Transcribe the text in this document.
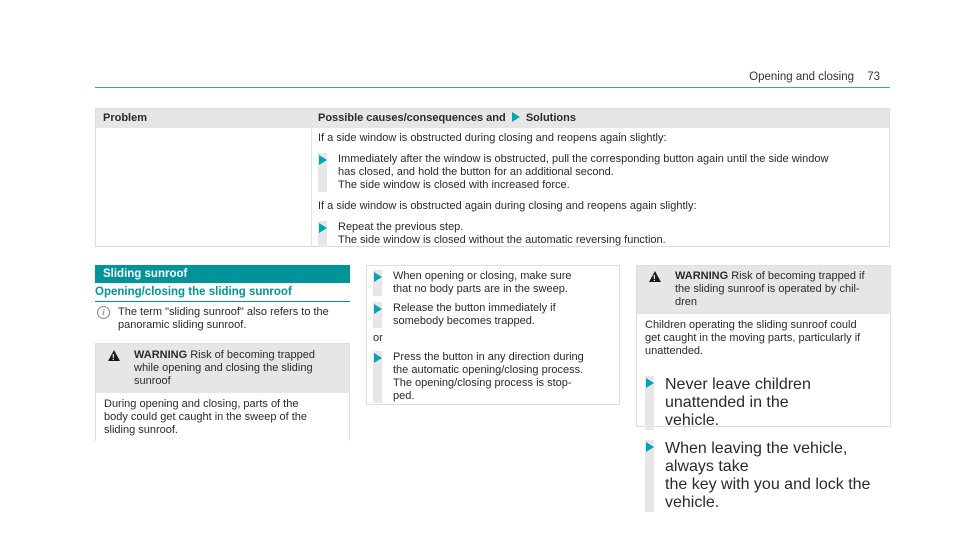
Opening and closing 73
Problem	Possible causes/consequences and Solutions

If a side window is obstructed during closing and reopens again slightly:

Immediately after the window is obstructed, pull the corresponding button again until the side window
has closed, and hold the button for an additional second.
The side window is closed with increased force.

If a side window is obstructed again during closing and reopens again slightly:

Repeat the previous step.
The side window is closed without the automatic reversing function.
Sliding sunroof
Opening/closing the sliding sunroof
i	The term "sliding sunroof" also refers to the
panoramic sliding sunroof.
!
WARNING Risk of becoming trapped
while opening and closing the sliding
sunroof
During opening and closing, parts of the
body could get caught in the sweep of the
sliding sunroof.
When opening or closing, make sure
that no body parts are in the sweep.
Release the button immediately if
somebody becomes trapped.
or
Press the button in any direction during
the automatic opening/closing process.
The opening/closing process is stop-
ped.
!
WARNING Risk of becoming trapped if
the sliding sunroof is operated by chil-
dren
Children operating the sliding sunroof could
get caught in the moving parts, particularly if
unattended.
Never leave children unattended in the
vehicle.
When leaving the vehicle, always take
the key with you and lock the vehicle.
